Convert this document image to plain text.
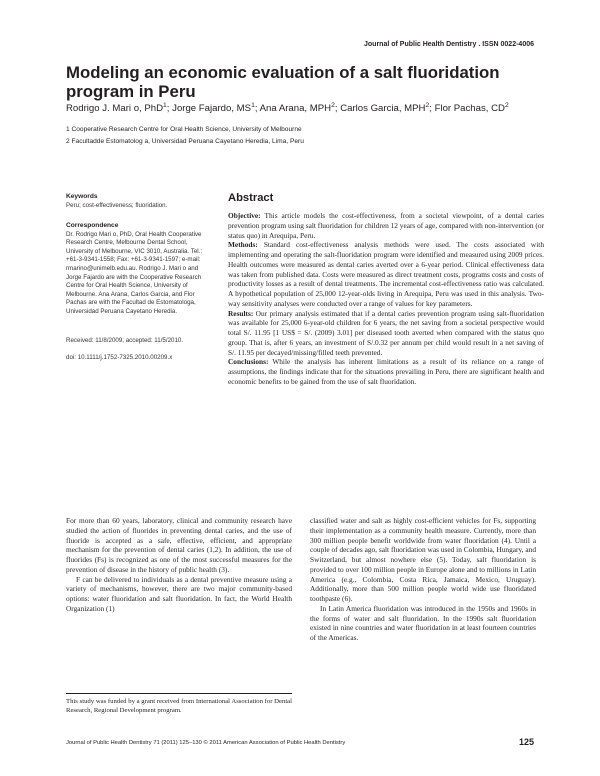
Journal of Public Health Dentistry . ISSN 0022-4006
Modeling an economic evaluation of a salt fluoridation program in Peru
Rodrigo J. Mari o, PhD$^1$; Jorge Fajardo, $MS^1$; Ana Arana, MPH$^2$; Carlos Garcia, MPH$^2$; Flor Pachas, $CD^2$
1 Cooperative Research Centre for Oral Health Science, University of Melbourne
2 Facultadde Estomatolog a, Universidad Peruana Cayetano Heredia, Lima, Peru

Keywords

Peru; cost-effectiveness; fluoridation.

Correspondence

Dr. Rodrigo Mari o, PhD, Oral Health Cooperative Research Centre, Melbourne Dental School, University of Melbourne, VIC 3010, Australia. Tel.: +61-3-9341-1558; Fax: +61-3-9341-1597; e-mail: rmarino@unimelb.edu.au. Rodrigo J. Mari o and Jorge Fajardo are with the Cooperative Research Centre for Oral Health Science, University of Melbourne. Ana Arana, Carlos Garcia, and Flor Pachas are with the Facultad de Estomatologa, Universidad Peruana Cayetano Heredia.

Received: 11/8/2009; accepted: 11/5/2010.
doi: 10.1111/j.1752-7325.2010.00209.x
Abstract

Objective: This article models the cost-effectiveness, from a societal viewpoint, of a dental caries prevention program using salt fluoridation for children 12 years of age, compared with non-intervention (or status quo) in Arequipa, Peru.

Methods: Standard cost-effectiveness analysis methods were used. The costs associated with implementing and operating the salt-fluoridation program were identified and measured using 2009 prices. Health outcomes were measured as dental caries averted over a 6-year period. Clinical effectiveness data was taken from published data. Costs were measured as direct treatment costs, programs costs and costs of productivity losses as a result of dental treatments. The incremental cost-effectiveness ratio was calculated. A hypothetical population of 25,000 12-year-olds living in Arequipa, Peru was used in this analysis. Two-way sensitivity analyses were conducted over a range of values for key parameters.

Results: Our primary analysis estimated that if a dental caries prevention program using salt-fluoridation was available for 25,000 6-year-old children for 6 years, the net saving from a societal perspective would total S/. 11.95 [1 US$ = S/. (2009) 3.01] per diseased tooth averted when compared with the status quo group. That is, after 6 years, an investment of S/.0.32 per annum per child would result in a net saving of S/. 11.95 per decayed/missing/filled teeth prevented.

Conclusions: While the analysis has inherent limitations as a result of its reliance on a range of assumptions, the findings indicate that for the situations prevailing in Peru, there are significant health and economic benefits to be gained from the use of salt fluoridation.

For more than 60 years, laboratory, clinical and community research have studied the action of fluorides in preventing dental caries, and the use of fluoride is accepted as a safe, effective, efficient, and appropriate mechanism for the prevention of dental caries (1,2). In addition, the use of fluorides (Fs) is recognized as one of the most successful measures for the prevention of disease in the history of public health (3).

F can be delivered to individuals as a dental preventive measure using a variety of mechanisms, however, there are two major community-based options: water fluoridation and salt fluoridation. In fact, the World Health Organization (1)

classified water and salt as highly cost-efficient vehicles for Fs, supporting their implementation as a community health measure. Currently, more than 300 million people benefit worldwide from water fluoridation (4). Until a couple of decades ago, salt fluoridation was used in Colombia, Hungary, and Switzerland, but almost nowhere else (5). Today, salt fluoridation is provided to over 100 million people in Europe alone and to millions in Latin America (e.g., Colombia, Costa Rica, Jamaica, Mexico, Uruguay). Additionally, more than 500 million people world wide use fluoridated toothpaste (6).

In Latin America fluoridation was introduced in the 1950s and 1960s in the forms of water and salt fluoridation. In the 1990s salt fluoridation existed in nine countries and water fluoridation in at least fourteen countries of the Americas.

This study was funded by a grant received from International Association for Dental Research, Regional Development program.
Journal of Public Health Dentistry 71 (2011) 125–130 © 2011 American Association of Public Health Dentistry	125
